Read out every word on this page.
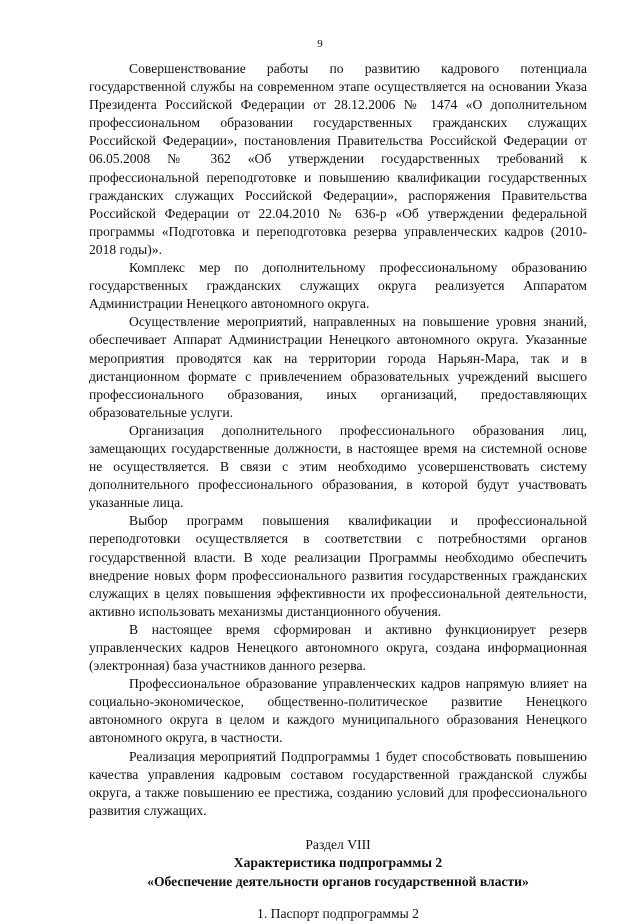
9

Совершенствование работы по развитию кадрового потенциала государственной службы на современном этапе осуществляется на основании Указа Президента Российской Федерации от 28.12.2006 № 1474 «О дополнительном профессиональном образовании государственных гражданских служащих Российской Федерации», постановления Правительства Российской Федерации от 06.05.2008 № 362 «Об утверждении государственных требований к профессиональной переподготовке и повышению квалификации государственных гражданских служащих Российской Федерации», распоряжения Правительства Российской Федерации от 22.04.2010 № 636-р «Об утверждении федеральной программы «Подготовка и переподготовка резерва управленческих кадров (2010-2018 годы)».

Комплекс мер по дополнительному профессиональному образованию государственных гражданских служащих округа реализуется Аппаратом Администрации Ненецкого автономного округа.

Осуществление мероприятий, направленных на повышение уровня знаний, обеспечивает Аппарат Администрации Ненецкого автономного округа. Указанные мероприятия проводятся как на территории города Нарьян-Мара, так и в дистанционном формате с привлечением образовательных учреждений высшего профессионального образования, иных организаций, предоставляющих образовательные услуги.

Организация дополнительного профессионального образования лиц, замещающих государственные должности, в настоящее время на системной основе не осуществляется. В связи с этим необходимо усовершенствовать систему дополнительного профессионального образования, в которой будут участвовать указанные лица.

Выбор программ повышения квалификации и профессиональной переподготовки осуществляется в соответствии с потребностями органов государственной власти. В ходе реализации Программы необходимо обеспечить внедрение новых форм профессионального развития государственных гражданских служащих в целях повышения эффективности их профессиональной деятельности, активно использовать механизмы дистанционного обучения.

В настоящее время сформирован и активно функционирует резерв управленческих кадров Ненецкого автономного округа, создана информационная (электронная) база участников данного резерва.

Профессиональное образование управленческих кадров напрямую влияет на социально-экономическое, общественно-политическое развитие Ненецкого автономного округа в целом и каждого муниципального образования Ненецкого автономного округа, в частности.

Реализация мероприятий Подпрограммы 1 будет способствовать повышению качества управления кадровым составом государственной гражданской службы округа, а также повышению ее престижа, созданию условий для профессионального развития служащих.

Раздел VIII
Характеристика подпрограммы 2
«Обеспечение деятельности органов государственной власти»
1. Паспорт подпрограммы 2
